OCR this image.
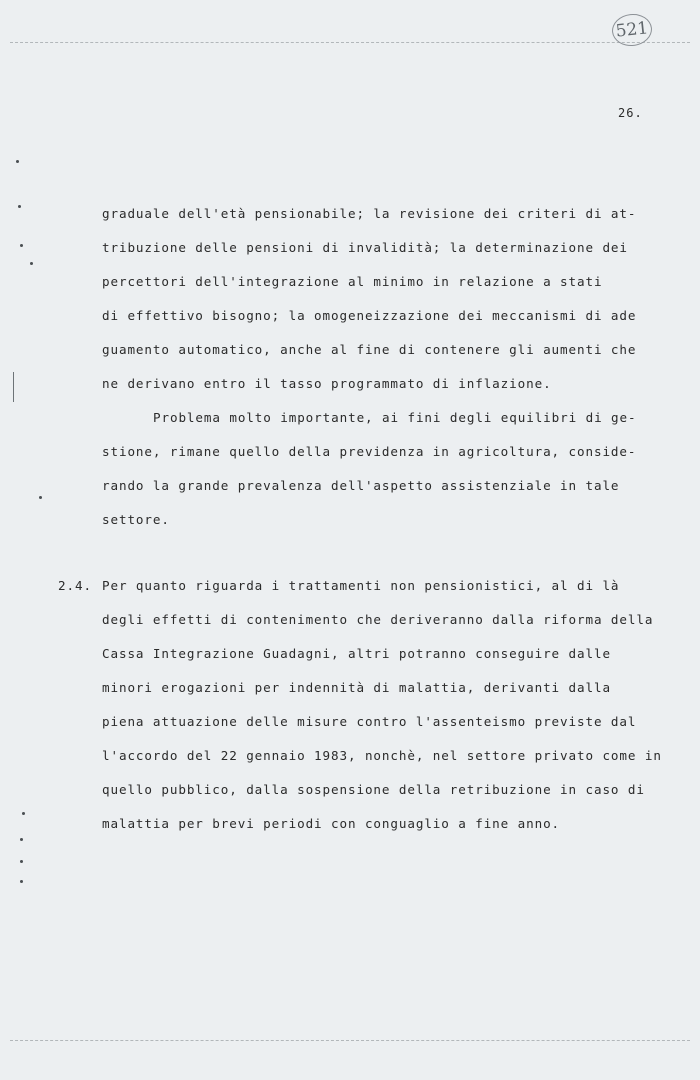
521
26.
graduale dell'età pensionabile; la revisione dei criteri di at-
tribuzione delle pensioni di invalidità; la determinazione dei
percettori dell'integrazione al minimo in relazione a stati
di effettivo bisogno; la omogeneizzazione dei meccanismi di ade
guamento automatico, anche al fine di contenere gli aumenti che
ne derivano entro il tasso programmato di inflazione.
Problema molto importante, ai fini degli equilibri di ge-
stione, rimane quello della previdenza in agricoltura, conside-
rando la grande prevalenza dell'aspetto assistenziale in tale
settore.
2.4. Per quanto riguarda i trattamenti non pensionistici, al di là
degli effetti di contenimento che deriveranno dalla riforma della
Cassa Integrazione Guadagni, altri potranno conseguire dalle
minori erogazioni per indennità di malattia, derivanti dalla
piena attuazione delle misure contro l'assenteismo previste dal
l'accordo del 22 gennaio 1983, nonchè, nel settore privato come in
quello pubblico, dalla sospensione della retribuzione in caso di
malattia per brevi periodi con conguaglio a fine anno.
